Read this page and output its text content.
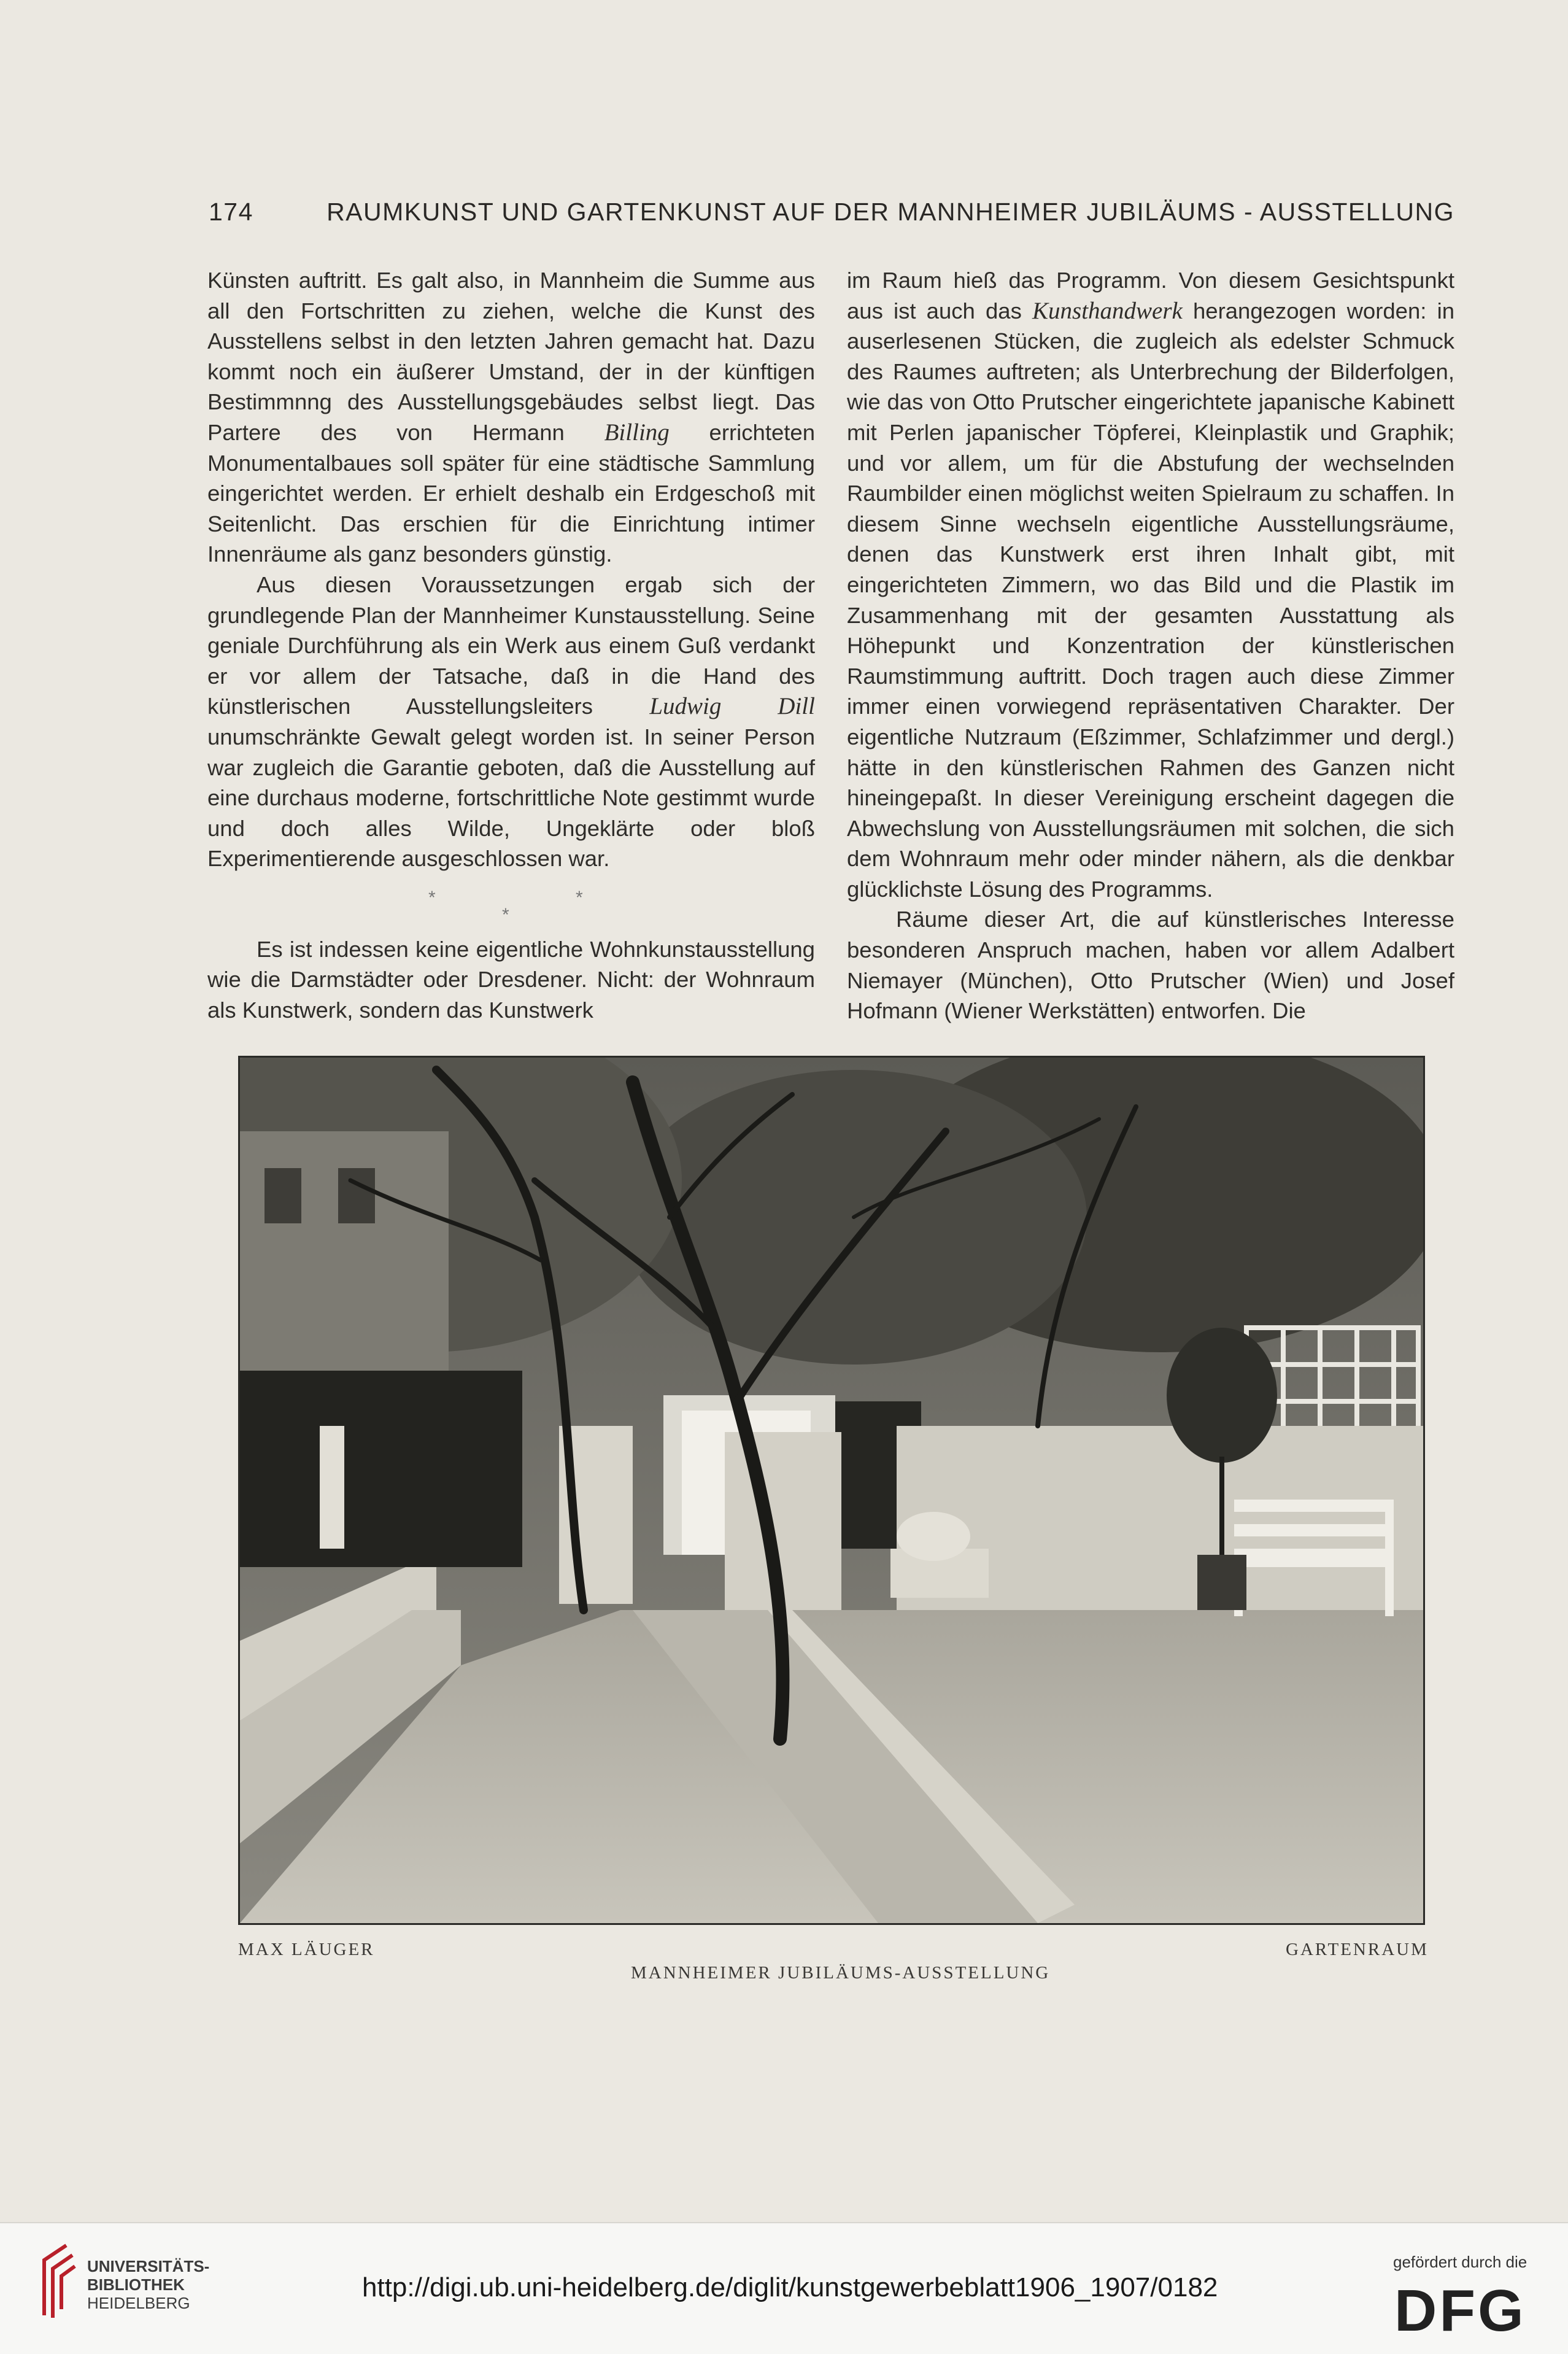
174	RAUMKUNST UND GARTENKUNST AUF DER MANNHEIMER JUBILÄUMS - AUSSTELLUNG

Künsten auftritt. Es galt also, in Mannheim die Summe aus all den Fortschritten zu ziehen, welche die Kunst des Ausstellens selbst in den letzten Jahren gemacht hat. Dazu kommt noch ein äußerer Umstand, der in der künftigen Bestimmnng des Ausstellungsgebäudes selbst liegt. Das Partere des von Hermann Billing errichteten Monumentalbaues soll später für eine städtische Sammlung eingerichtet werden. Er erhielt deshalb ein Erdgeschoß mit Seitenlicht. Das erschien für die Einrichtung intimer Innenräume als ganz besonders günstig.

Aus diesen Voraussetzungen ergab sich der grundlegende Plan der Mannheimer Kunstausstellung. Seine geniale Durchführung als ein Werk aus einem Guß verdankt er vor allem der Tatsache, daß in die Hand des künstlerischen Ausstellungsleiters Ludwig Dill unumschränkte Gewalt gelegt worden ist. In seiner Person war zugleich die Garantie geboten, daß die Ausstellung auf eine durchaus moderne, fortschrittliche Note gestimmt wurde und doch alles Wilde, Ungeklärte oder bloß Experimentierende ausgeschlossen war.

*
*
*

Es ist indessen keine eigentliche Wohnkunstausstellung wie die Darmstädter oder Dresdener. Nicht: der Wohnraum als Kunstwerk, sondern das Kunstwerk

im Raum hieß das Programm. Von diesem Gesichtspunkt aus ist auch das Kunsthandwerk herangezogen worden: in auserlesenen Stücken, die zugleich als edelster Schmuck des Raumes auftreten; als Unterbrechung der Bilderfolgen, wie das von Otto Prutscher eingerichtete japanische Kabinett mit Perlen japanischer Töpferei, Kleinplastik und Graphik; und vor allem, um für die Abstufung der wechselnden Raumbilder einen möglichst weiten Spielraum zu schaffen. In diesem Sinne wechseln eigentliche Ausstellungsräume, denen das Kunstwerk erst ihren Inhalt gibt, mit eingerichteten Zimmern, wo das Bild und die Plastik im Zusammenhang mit der gesamten Ausstattung als Höhepunkt und Konzentration der künstlerischen Raumstimmung auftritt. Doch tragen auch diese Zimmer immer einen vorwiegend repräsentativen Charakter. Der eigentliche Nutzraum (Eßzimmer, Schlafzimmer und dergl.) hätte in den künstlerischen Rahmen des Ganzen nicht hineingepaßt. In dieser Vereinigung erscheint dagegen die Abwechslung von Ausstellungsräumen mit solchen, die sich dem Wohnraum mehr oder minder nähern, als die denkbar glücklichste Lösung des Programms.

Räume dieser Art, die auf künstlerisches Interesse besonderen Anspruch machen, haben vor allem Adalbert Niemayer (München), Otto Prutscher (Wien) und Josef Hofmann (Wiener Werkstätten) entworfen. Die

MAX LÄUGER	GARTENRAUM
MANNHEIMER JUBILÄUMS-AUSSTELLUNG
UNIVERSITÄTS-
BIBLIOTHEK
HEIDELBERG
http://digi.ub.uni-heidelberg.de/diglit/kunstgewerbeblatt1906_1907/0182
gefördert durch die
DFG
